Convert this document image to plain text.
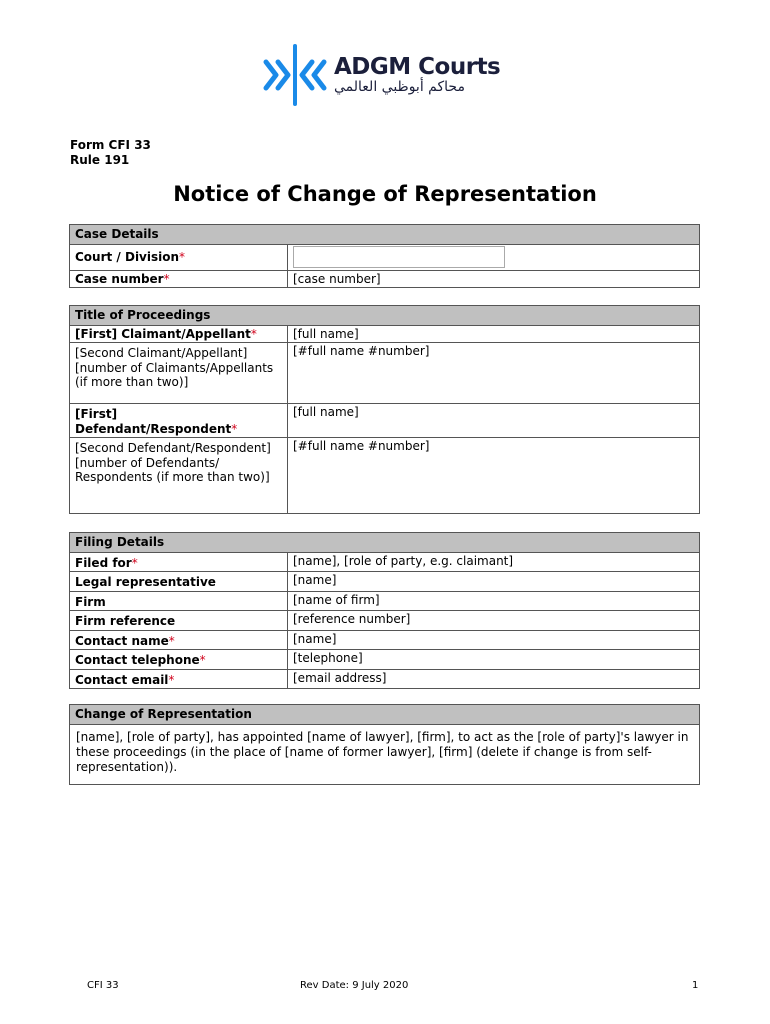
ADGM Courts
محاكم أبوظبي العالمي
Form CFI 33
Rule 191
Notice of Change of Representation
Case Details	
Court / Division*	
Case number*	[case number]
Title of Proceedings	
[First] Claimant/Appellant*	[full name]
[Second Claimant/Appellant] [number of Claimants/Appellants (if more than two)]	[#full name #number]
[First] Defendant/Respondent*	[full name]
[Second Defendant/Respondent] [number of Defendants/ Respondents (if more than two)]	[#full name #number]
Filing Details	
Filed for*	[name], [role of party, e.g. claimant]
Legal representative	[name]
Firm	[name of firm]
Firm reference	[reference number]
Contact name*	[name]
Contact telephone*	[telephone]
Contact email*	[email address]
Change of Representation
[name], [role of party], has appointed [name of lawyer], [firm], to act as the [role of party]'s lawyer in these proceedings (in the place of [name of former lawyer], [firm] (delete if change is from self-representation)).
CFI 33	Rev Date: 9 July 2020	1
